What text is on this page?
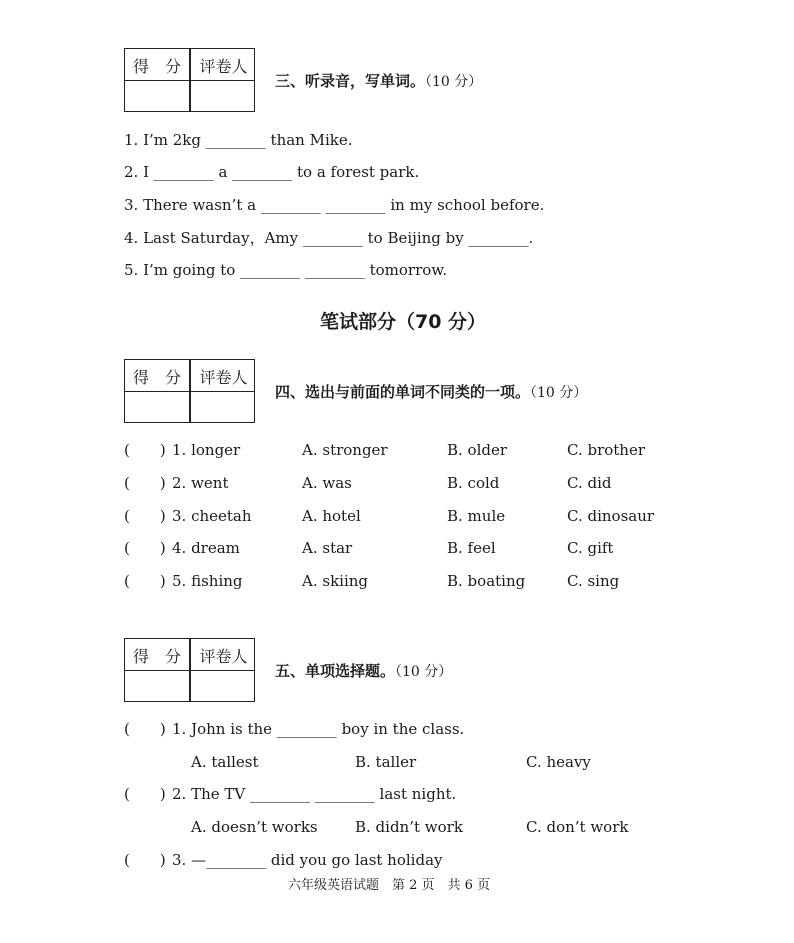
得　分	评卷人
三、听录音，写单词。（10 分）
1. I’m 2kg ________ than Mike.
2. I ________ a ________ to a forest park.
3. There wasn’t a ________ ________ in my school before.
4. Last Saturday，Amy ________ to Beijing by ________.
5. I’m going to ________ ________ tomorrow.
笔试部分（70 分）
得　分	评卷人
四、选出与前面的单词不同类的一项。（10 分）
(　　) 1. longer	A. stronger	B. older	C. brother
(　　) 2. went	A. was	B. cold	C. did
(　　) 3. cheetah	A. hotel	B. mule	C. dinosaur
(　　) 4. dream	A. star	B. feel	C. gift
(　　) 5. fishing	A. skiing	B. boating	C. sing
得　分	评卷人
五、单项选择题。（10 分）
(　　) 1. John is the ________ boy in the class.
A. tallest	B. taller	C. heavy
(　　) 2. The TV ________ ________ last night.
A. doesn’t works B. didn’t work	C. don’t work
(　　) 3. —________ did you go last holiday
六年级英语试题　第 2 页　共 6 页
